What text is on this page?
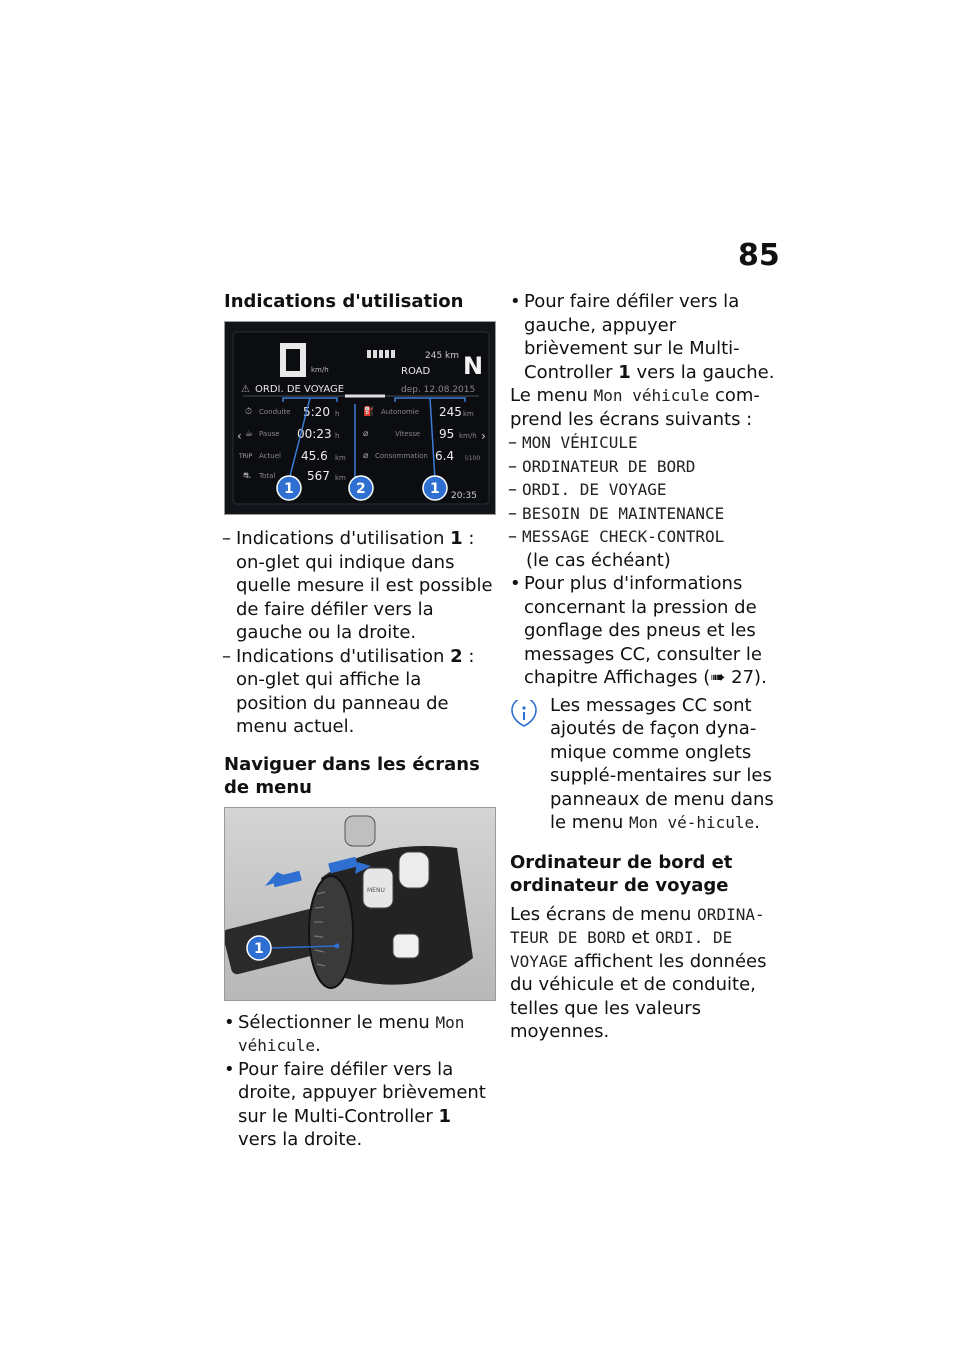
85
Indications d'utilisation
km/h
245 km
ROAD N
⚠ ORDI. DE VOYAGE	dep. 12.08.2015
‹	›
⏱ Conduite 5:20 h
☕ Pause 00:23 h
TRIP Actuel 45.6 km
⛐ Total	567 km
⛽ Autonomie 245 km
⌀	Vitesse 95 km/h
⌀ Consommation 6.4 l/100
20:35
1	2	1

– Indications d'utilisation 1 : on-glet qui indique dans quelle mesure il est possible de faire défiler vers la gauche ou la droite.

– Indications d'utilisation 2 : on-glet qui affiche la position du panneau de menu actuel.

Naviguer dans les écrans de menu
MENU
1

• Sélectionner le menu Mon véhicule.

• Pour faire défiler vers la droite, appuyer brièvement sur le Multi-Controller 1 vers la droite.

• Pour faire défiler vers la gauche, appuyer brièvement sur le Multi-Controller 1 vers la gauche.

Le menu Mon véhicule com-prend les écrans suivants :

– MON VÉHICULE

– ORDINATEUR DE BORD

– ORDI. DE VOYAGE

– BESOIN DE MAINTENANCE

– MESSAGE CHECK-CONTROL

(le cas échéant)

• Pour plus d'informations concernant la pression de gonflage des pneus et les messages CC, consulter le chapitre Affichages (➠ 27).

Les messages CC sont ajoutés de façon dyna-mique comme onglets supplé-mentaires sur les panneaux de menu dans le menu Mon vé-hicule.

Ordinateur de bord et ordinateur de voyage

Les écrans de menu ORDINA-TEUR DE BORD et ORDI. DE VOYAGE affichent les données du véhicule et de conduite, telles que les valeurs moyennes.
